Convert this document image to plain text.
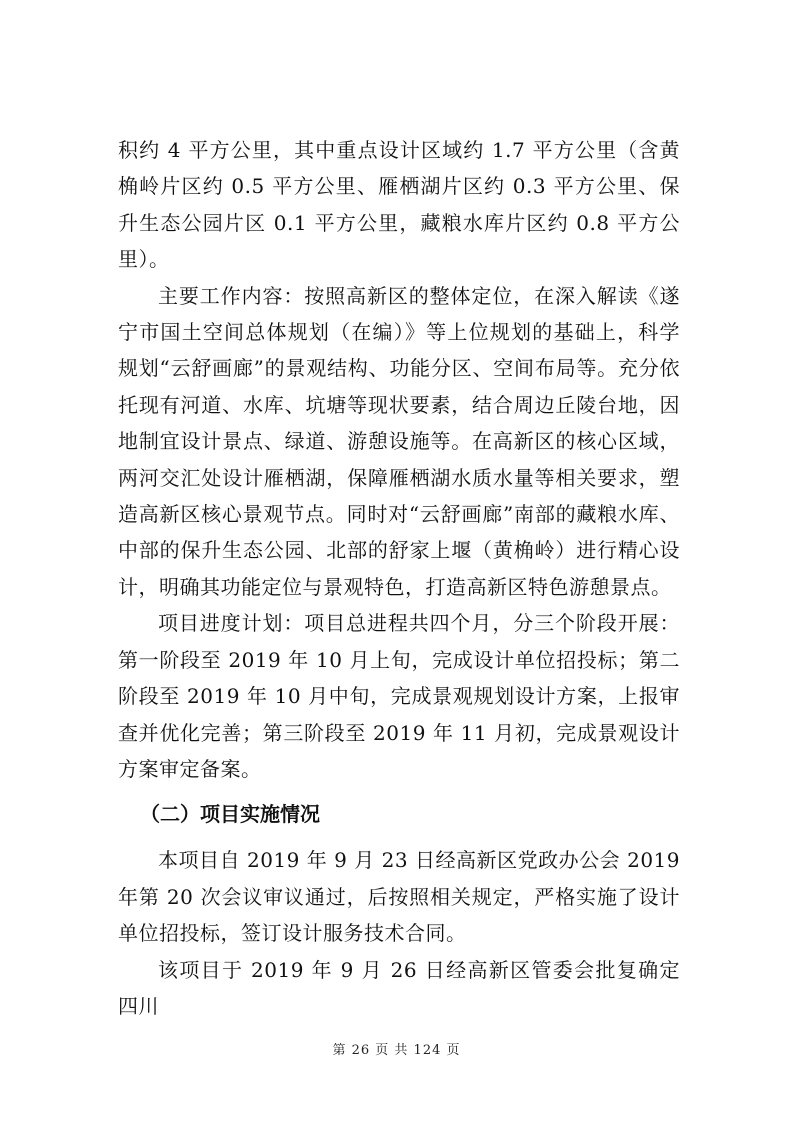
积约 4 平方公里，其中重点设计区域约 1.7 平方公里（含黄桷岭片区约 0.5 平方公里、雁栖湖片区约 0.3 平方公里、保升生态公园片区 0.1 平方公里，藏粮水库片区约 0.8 平方公里）。

主要工作内容：按照高新区的整体定位，在深入解读《遂宁市国土空间总体规划（在编）》等上位规划的基础上，科学规划“云舒画廊”的景观结构、功能分区、空间布局等。充分依托现有河道、水库、坑塘等现状要素，结合周边丘陵台地，因地制宜设计景点、绿道、游憩设施等。在高新区的核心区域，两河交汇处设计雁栖湖，保障雁栖湖水质水量等相关要求，塑造高新区核心景观节点。同时对“云舒画廊”南部的藏粮水库、中部的保升生态公园、北部的舒家上堰（黄桷岭）进行精心设计，明确其功能定位与景观特色，打造高新区特色游憩景点。

项目进度计划：项目总进程共四个月，分三个阶段开展：第一阶段至 2019 年 10 月上旬，完成设计单位招投标；第二阶段至 2019 年 10 月中旬，完成景观规划设计方案，上报审查并优化完善；第三阶段至 2019 年 11 月初，完成景观设计方案审定备案。

（二）项目实施情况

本项目自 2019 年 9 月 23 日经高新区党政办公会 2019 年第 20 次会议审议通过，后按照相关规定，严格实施了设计单位招投标，签订设计服务技术合同。

该项目于 2019 年 9 月 26 日经高新区管委会批复确定四川

第 26 页 共 124 页
